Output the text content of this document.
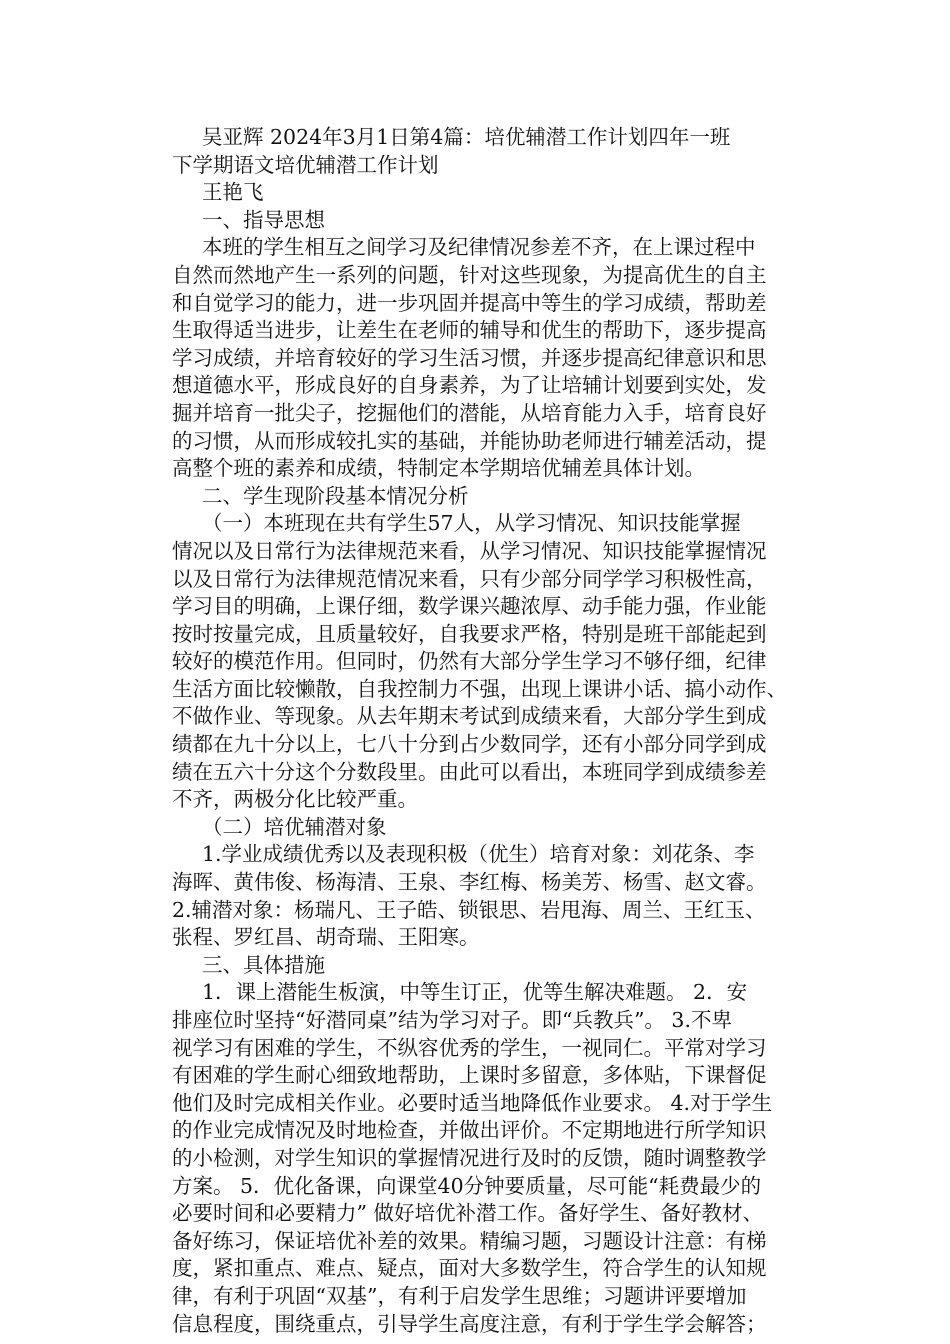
吴亚辉 2024年3月1日第4篇：培优辅潜工作计划四年一班
下学期语文培优辅潜工作计划
王艳飞
一、指导思想
本班的学生相互之间学习及纪律情况参差不齐，在上课过程中
自然而然地产生一系列的问题，针对这些现象，为提高优生的自主
和自觉学习的能力，进一步巩固并提高中等生的学习成绩，帮助差
生取得适当进步，让差生在老师的辅导和优生的帮助下，逐步提高
学习成绩，并培育较好的学习生活习惯，并逐步提高纪律意识和思
想道德水平，形成良好的自身素养，为了让培辅计划要到实处，发
掘并培育一批尖子，挖掘他们的潜能，从培育能力入手，培育良好
的习惯，从而形成较扎实的基础，并能协助老师进行辅差活动，提
高整个班的素养和成绩，特制定本学期培优辅差具体计划。
二、学生现阶段基本情况分析
（一）本班现在共有学生57人，从学习情况、知识技能掌握
情况以及日常行为法律规范来看，从学习情况、知识技能掌握情况
以及日常行为法律规范情况来看，只有少部分同学学习积极性高，
学习目的明确，上课仔细，数学课兴趣浓厚、动手能力强，作业能
按时按量完成，且质量较好，自我要求严格，特别是班干部能起到
较好的模范作用。但同时，仍然有大部分学生学习不够仔细，纪律
生活方面比较懒散，自我控制力不强，出现上课讲小话、搞小动作、
不做作业、等现象。从去年期末考试到成绩来看，大部分学生到成
绩都在九十分以上，七八十分到占少数同学，还有小部分同学到成
绩在五六十分这个分数段里。由此可以看出，本班同学到成绩参差
不齐，两极分化比较严重。
（二）培优辅潜对象
1.学业成绩优秀以及表现积极（优生）培育对象：刘花条、李
海晖、黄伟俊、杨海清、王泉、李红梅、杨美芳、杨雪、赵文睿。
2.辅潜对象：杨瑞凡、王子皓、锁银思、岩甩海、周兰、王红玉、
张程、罗红昌、胡奇瑞、王阳寒。
三、具体措施
1．课上潜能生板演，中等生订正，优等生解决难题。 2．安
排座位时坚持“好潜同桌”结为学习对子。即“兵教兵”。 3.不卑
视学习有困难的学生，不纵容优秀的学生，一视同仁。平常对学习
有困难的学生耐心细致地帮助，上课时多留意，多体贴，下课督促
他们及时完成相关作业。必要时适当地降低作业要求。 4.对于学生
的作业完成情况及时地检查，并做出评价。不定期地进行所学知识
的小检测，对学生知识的掌握情况进行及时的反馈，随时调整教学
方案。 5．优化备课，向课堂40分钟要质量，尽可能“耗费最少的
必要时间和必要精力” 做好培优补潜工作。备好学生、备好教材、
备好练习，保证培优补差的效果。精编习题，习题设计注意：有梯
度，紧扣重点、难点、疑点，面对大多数学生，符合学生的认知规
律，有利于巩固“双基”，有利于启发学生思维；习题讲评要增加
信息程度，围绕重点，引导学生高度注意，有利于学生学会解答；
